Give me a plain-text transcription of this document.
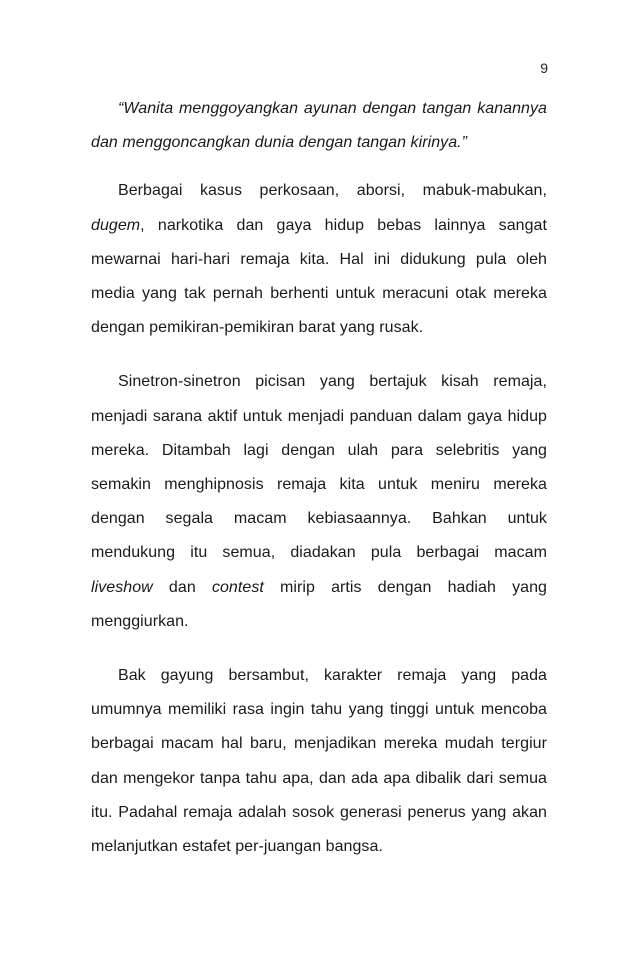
9

“Wanita menggoyangkan ayunan dengan tangan kanannya dan menggoncangkan dunia dengan tangan kirinya.”

Berbagai kasus perkosaan, aborsi, mabuk-mabukan, dugem, narkotika dan gaya hidup bebas lainnya sangat mewarnai hari-hari remaja kita. Hal ini didukung pula oleh media yang tak pernah berhenti untuk meracuni otak mereka dengan pemikiran-pemikiran barat yang rusak.

Sinetron-sinetron picisan yang bertajuk kisah remaja, menjadi sarana aktif untuk menjadi panduan dalam gaya hidup mereka. Ditambah lagi dengan ulah para selebritis yang semakin menghipnosis remaja kita untuk meniru mereka dengan segala macam kebiasaannya. Bahkan untuk mendukung itu semua, diadakan pula berbagai macam liveshow dan contest mirip artis dengan hadiah yang menggiurkan.

Bak gayung bersambut, karakter remaja yang pada umumnya memiliki rasa ingin tahu yang tinggi untuk mencoba berbagai macam hal baru, menjadikan mereka mudah tergiur dan mengekor tanpa tahu apa, dan ada apa dibalik dari semua itu. Padahal remaja adalah sosok generasi penerus yang akan melanjutkan estafet per-juangan bangsa.
